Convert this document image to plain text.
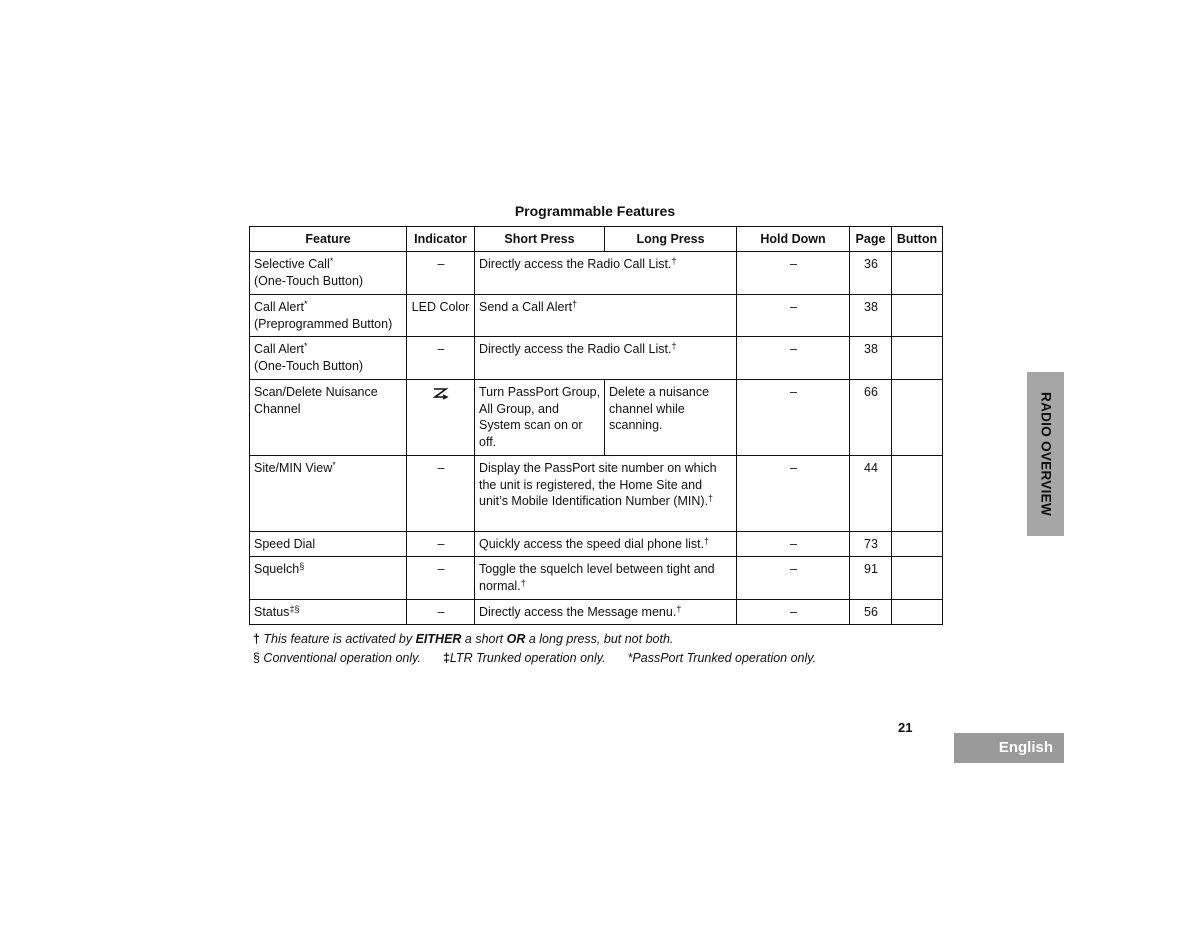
Programmable Features
Feature	Indicator	Short Press	Long Press	Hold Down	Page	Button
Selective Call*
(One-Touch Button)	–	Directly access the Radio Call List.†		–	36	
Call Alert*
(Preprogrammed Button)	LED Color	Send a Call Alert†		–	38	
Call Alert*
(One-Touch Button)	–	Directly access the Radio Call List.†		–	38	
Scan/Delete Nuisance Channel		Turn PassPort Group, All Group, and System scan on or off.	Delete a nuisance channel while scanning.	–	66	
Site/MIN View*	–	Display the PassPort site number on which the unit is registered, the Home Site and unit’s Mobile Identification Number (MIN).†		–	44	
Speed Dial	–	Quickly access the speed dial phone list.†		–	73	
Squelch§	–	Toggle the squelch level between tight and normal.†		–	91	
Status‡§	–	Directly access the Message menu.†		–	56	
† This feature is activated by EITHER a short OR a long press, but not both.
§ Conventional operation only. ‡LTR Trunked operation only. *PassPort Trunked operation only.
21
English
RADIO OVERVIEW
